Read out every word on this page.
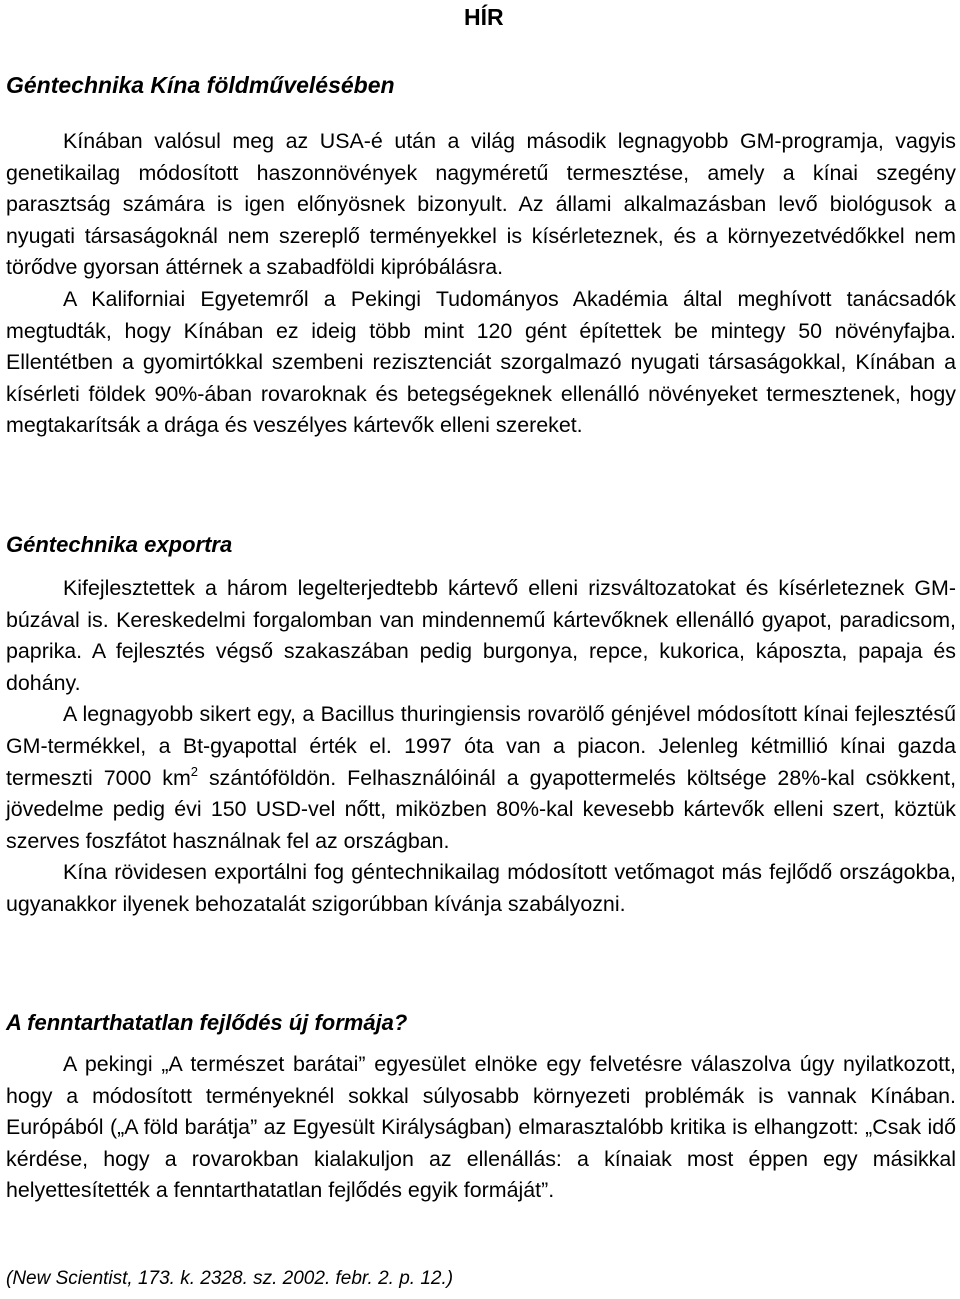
HÍR
Géntechnika Kína földművelésében

Kínában valósul meg az USA-é után a világ második legnagyobb GM-programja, vagyis genetikailag módosított haszonnövények nagyméretű termesztése, amely a kínai szegény parasztság számára is igen előnyösnek bizonyult. Az állami alkalmazásban levő biológusok a nyugati társaságoknál nem szereplő terményekkel is kísérleteznek, és a környezetvédőkkel nem törődve gyorsan áttérnek a szabadföldi kipróbálásra.

A Kaliforniai Egyetemről a Pekingi Tudományos Akadémia által meghívott tanácsadók megtudták, hogy Kínában ez ideig több mint 120 gént építettek be mintegy 50 növényfajba. Ellentétben a gyomirtókkal szembeni rezisztenciát szorgalmazó nyugati társaságokkal, Kínában a kísérleti földek 90%-ában rovaroknak és betegségeknek ellenálló növényeket termesztenek, hogy megtakarítsák a drága és veszélyes kártevők elleni szereket.

Géntechnika exportra

Kifejlesztettek a három legelterjedtebb kártevő elleni rizsváltozatokat és kísérleteznek GM-búzával is. Kereskedelmi forgalomban van mindennemű kártevőknek ellenálló gyapot, paradicsom, paprika. A fejlesztés végső szakaszában pedig burgonya, repce, kukorica, káposzta, papaja és dohány.

A legnagyobb sikert egy, a Bacillus thuringiensis rovarölő génjével módosított kínai fejlesztésű GM-termékkel, a Bt-gyapottal érték el. 1997 óta van a piacon. Jelenleg kétmillió kínai gazda termeszti 7000 $km^2$ szántóföldön. Felhasználóinál a gyapottermelés költsége 28%-kal csökkent, jövedelme pedig évi 150 USD-vel nőtt, miközben 80%-kal kevesebb kártevők elleni szert, köztük szerves foszfátot használnak fel az országban.

Kína rövidesen exportálni fog géntechnikailag módosított vetőmagot más fejlődő országokba, ugyanakkor ilyenek behozatalát szigorúbban kívánja szabályozni.

A fenntarthatatlan fejlődés új formája?

A pekingi „A természet barátai” egyesület elnöke egy felvetésre válaszolva úgy nyilatkozott, hogy a módosított terményeknél sokkal súlyosabb környezeti problémák is vannak Kínában. Európából („A föld barátja” az Egyesült Királyságban) elmarasztalóbb kritika is elhangzott: „Csak idő kérdése, hogy a rovarokban kialakuljon az ellenállás: a kínaiak most éppen egy másikkal helyettesítették a fenntarthatatlan fejlődés egyik formáját”.

(New Scientist, 173. k. 2328. sz. 2002. febr. 2. p. 12.)
